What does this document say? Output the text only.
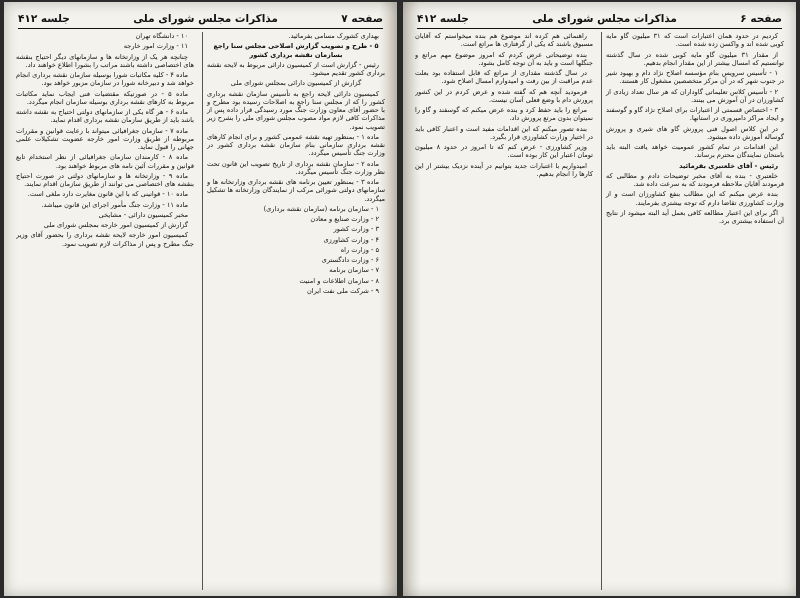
صفحه ۷
مذاکرات مجلس شورای ملی
جلسه ۴۱۲

بهداری کشورک مسامی بفرمائید.

۵ - طرح و تصویب گزارش اصلاحی مجلس سنا راجع بسازمان نقشه برداری کشور

رئیس - گزارش است از کمیسیون دارائی مربوط به لایحه نقشه برداری کشور تقدیم میشود.

گزارش از کمیسیون دارائی بمجلس شورای ملی

کمیسیون دارائی لایحه راجع به تأسیس سازمان نقشه برداری کشور را که از مجلس سنا راجع به اصلاحات رسیده بود مطرح و با حضور آقای معاون وزارت جنگ مورد رسیدگی قرار داده پس از مذاکرات کافی لازم مواد مصوب مجلس شورای ملی را بشرح زیر تصویب نمود.

ماده ۱ - بمنظور تهیه نقشه عمومی کشور و برای انجام کارهای نقشه برداری سازمانی بنام سازمان نقشه برداری کشور در وزارت جنگ تأسیس میگردد.

ماده ۲ - سازمان نقشه برداری از تاریخ تصویب این قانون تحت نظر وزارت جنگ تأسیس میگردد.

ماده ۳ - بمنظور تعیین برنامه های نقشه برداری وزارتخانه ها و سازمانهای دولتی شورائی مرکب از نمایندگان وزارتخانه ها تشکیل میگردد.

۱ - سازمان برنامه (سازمان نقشه برداری)

۲ - وزارت صنایع و معادن

۳ - وزارت کشور

۴ - وزارت کشاورزی

۵ - وزارت راه

۶ - وزارت دادگستری

۷ - سازمان برنامه

۸ - سازمان اطلاعات و امنیت

۹ - شرکت ملی نفت ایران

۱۰ - دانشگاه تهران

۱۱ - وزارت امور خارجه

چنانچه هر یک از وزارتخانه ها و سازمانهای دیگر احتیاج بنقشه های اختصاصی داشته باشند مراتب را بشورا اطلاع خواهند داد.

ماده ۴ - کلیه مکاتبات شورا بوسیله سازمان نقشه برداری انجام خواهد شد و دبیرخانه شورا در سازمان مزبور خواهد بود.

ماده ۵ - در صورتیکه مقتضیات فنی ایجاب نماید مکاتبات مربوط به کارهای نقشه برداری بوسیله سازمان انجام میگردد.

ماده ۶ - هر گاه یکی از سازمانهای دولتی احتیاج به نقشه داشته باشد باید از طریق سازمان نقشه برداری اقدام نماید.

ماده ۷ - سازمان جغرافیائی میتواند با رعایت قوانین و مقررات مربوطه از طریق وزارت امور خارجه عضویت تشکیلات علمی جهانی را قبول نماید.

ماده ۸ - کارمندان سازمان جغرافیائی از نظر استخدام تابع قوانین و مقررات آئین نامه های مربوط خواهند بود.

ماده ۹ - وزارتخانه ها و سازمانهای دولتی در صورت احتیاج بنقشه های اختصاصی می توانند از طریق سازمان اقدام نمایند.

ماده ۱۰ - قوانینی که با این قانون مغایرت دارد ملغی است.

ماده ۱۱ - وزارت جنگ مأمور اجرای این قانون میباشد.

مخبر کمیسیون دارائی - مشایخی

گزارش از کمیسیون امور خارجه بمجلس شورای ملی

کمیسیون امور خارجه لایحه نقشه برداری را بحضور آقای وزیر جنگ مطرح و پس از مذاکرات لازم تصویب نمود.

صفحه ۶
مذاکرات مجلس شورای ملی
جلسه ۴۱۲

کردیم در حدود همان اعتبارات است که ۳۱ میلیون گاو مایه کوبی شده اند و واکسن زده شده است.

از مقدار ۳۱ میلیون گاو مایه کوبی شده در سال گذشته توانستیم که امسال بیشتر از این مقدار انجام بدهیم.

۱ - تأسیس سرویس بنام مؤسسه اصلاح نژاد دام و بهبود شیر در جنوب شهر که در آن مرکز متخصصین مشغول کار هستند.

۲ - تأسیس کلاس تعلیماتی گاوداران که هر سال تعداد زیادی از کشاورزان در آن آموزش می بینند.

۳ - اختصاص قسمتی از اعتبارات برای اصلاح نژاد گاو و گوسفند و ایجاد مراکز دامپروری در استانها.

در این کلاس اصول فنی پرورش گاو های شیری و پرورش گوساله آموزش داده میشود.

این اقدامات در تمام کشور عمومیت خواهد یافت البته باید بامتحان نمایندگان محترم برساند.

رئیس - آقای خلعتبری بفرمائید

خلعتبری - بنده به آقای مخبر توضیحات دادم و مطالبی که فرمودند آقایان ملاحظه فرمودند که به سرعت داده شد.

بنده عرض میکنم که این مطالب بنفع کشاورزان است و از وزارت کشاورزی تقاضا دارم که توجه بیشتری بفرمایند.

اگر برای این اعتبار مطالعه کافی بعمل آید البته میشود از نتایج آن استفاده بیشتری برد.

راهنمائی هم کرده اند موضوع هم بنده میخواستم که آقایان مسبوق باشند که یکی از گرفتاری ها مراتع است.

بنده توضیحاتی عرض کردم که امروز موضوع مهم مراتع و جنگلها است و باید به آن توجه کامل بشود.

در سال گذشته مقداری از مراتع که قابل استفاده بود بعلت عدم مراقبت از بین رفت و امیدوارم امسال اصلاح شود.

فرمودید آنچه هم که گفته شده و عرض کردم در این کشور پرورش دام با وضع فعلی آسان نیست.

مراتع را باید حفظ کرد و بنده عرض میکنم که گوسفند و گاو را نمیتوان بدون مرتع پرورش داد.

بنده تصور میکنم که این اقدامات مفید است و اعتبار کافی باید در اختیار وزارت کشاورزی قرار بگیرد.

وزیر کشاورزی - عرض کنم که تا امروز در حدود ۸ میلیون تومان اعتبار این کار بوده است.

امیدواریم با اعتبارات جدید بتوانیم در آینده نزدیک بیشتر از این کارها را انجام بدهیم.
